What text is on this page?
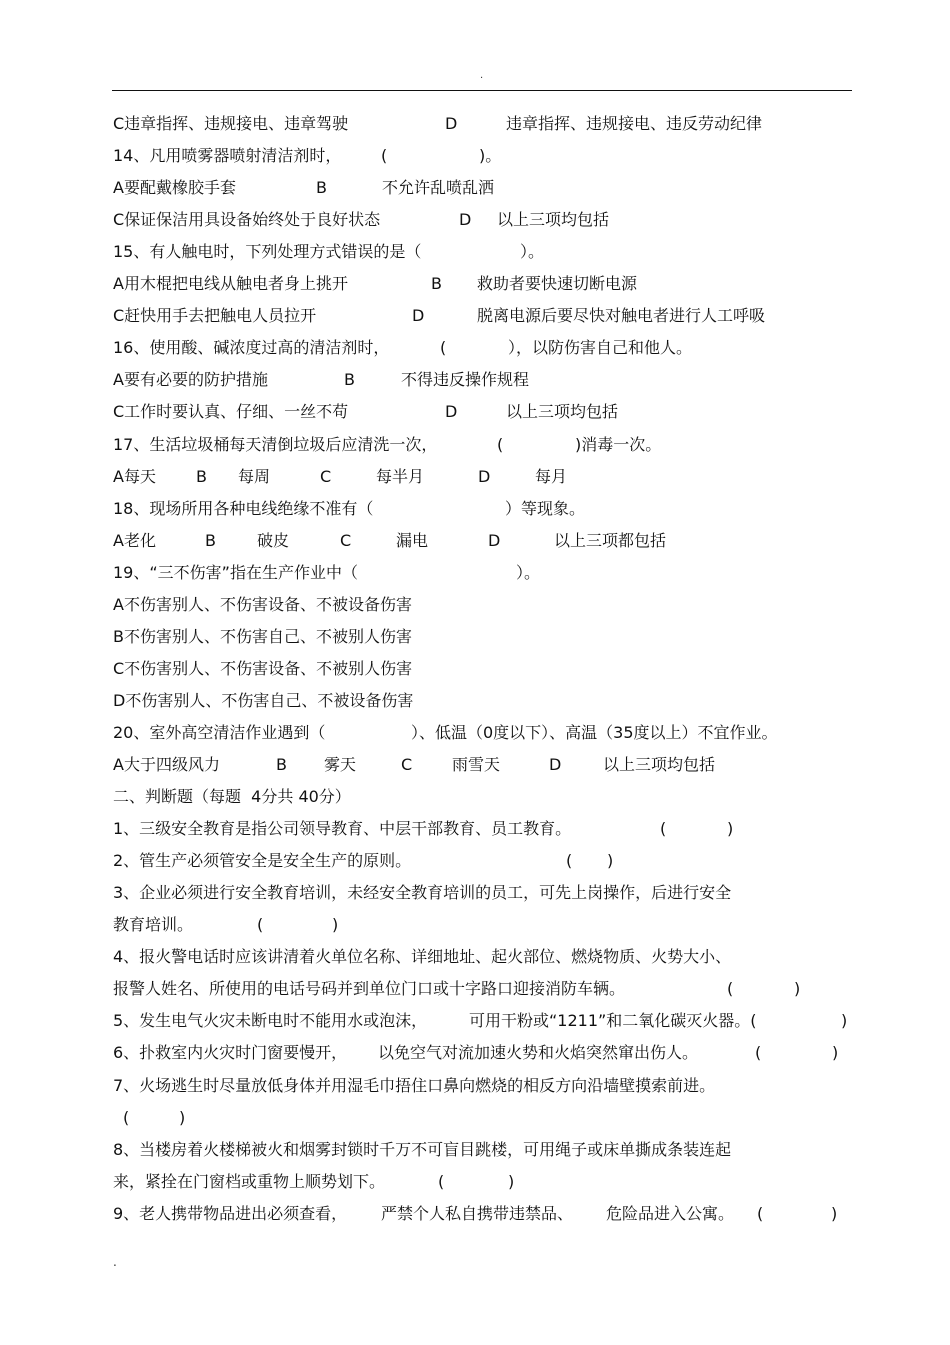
.
C违章指挥、违规接电、违章驾驶	D	违章指挥、违规接电、违反劳动纪律
14、凡用喷雾器喷射清洁剂时， (	)。
A要配戴橡胶手套	B	不允许乱喷乱洒
C保证保洁用具设备始终处于良好状态	D 以上三项均包括
15、有人触电时，下列处理方式错误的是（	）。
A用木棍把电线从触电者身上挑开	B 救助者要快速切断电源
C赶快用手去把触电人员拉开	D	脱离电源后要尽快对触电者进行人工呼吸
16、使用酸、碱浓度过高的清洁剂时，	(	），以防伤害自己和他人。
A要有必要的防护措施	B	不得违反操作规程
C工作时要认真、仔细、一丝不苟	D	以上三项均包括
17、生活垃圾桶每天清倒垃圾后应清洗一次，	(	)消毒一次。
A每天	B 每周	C	每半月	D	每月
18、现场所用各种电线绝缘不准有（	）等现象。
A老化	B	破皮	C	漏电	D	以上三项都包括
19、“三不伤害”指在生产作业中（	）。
A不伤害别人、不伤害设备、不被设备伤害
B不伤害别人、不伤害自己、不被别人伤害
C不伤害别人、不伤害设备、不被别人伤害
D不伤害别人、不伤害自己、不被设备伤害
20、室外高空清洁作业遇到（	）、低温（0度以下）、高温（35度以上）不宜作业。
A大于四级风力	B 雾天	C 雨雪天	D	以上三项均包括
二、判断题（每题  4分共 40分）
1、三级安全教育是指公司领导教育、中层干部教育、员工教育。	(	)
2、管生产必须管安全是安全生产的原则。	( )
3、企业必须进行安全教育培训，未经安全教育培训的员工，可先上岗操作，后进行安全
教育培训。	(	)
4、报火警电话时应该讲清着火单位名称、详细地址、起火部位、燃烧物质、火势大小、
报警人姓名、所使用的电话号码并到单位门口或十字路口迎接消防车辆。	(	)
5、发生电气火灾未断电时不能用水或泡沫，	可用干粉或“1211”和二氧化碳灭火器。(	)
6、扑救室内火灾时门窗要慢开， 以免空气对流加速火势和火焰突然窜出伤人。	(	)
7、火场逃生时尽量放低身体并用湿毛巾捂住口鼻向燃烧的相反方向沿墙壁摸索前进。
(	)
8、当楼房着火楼梯被火和烟雾封锁时千万不可盲目跳楼，可用绳子或床单撕成条装连起
来，紧拴在门窗档或重物上顺势划下。	(	)
9、老人携带物品进出必须查看， 严禁个人私自携带违禁品、 危险品进入公寓。 (	)
.
